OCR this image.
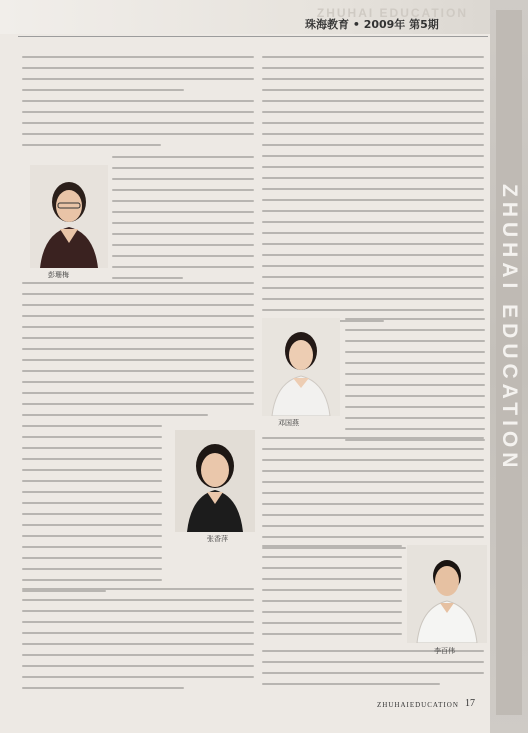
ZHUHAI EDUCATION
珠海教育 • 2009年 第5期
ZHUHAI EDUCATION
彭珊梅
张香萍
邓国燕
李百伟
ZHUHAIEDUCATION 17
